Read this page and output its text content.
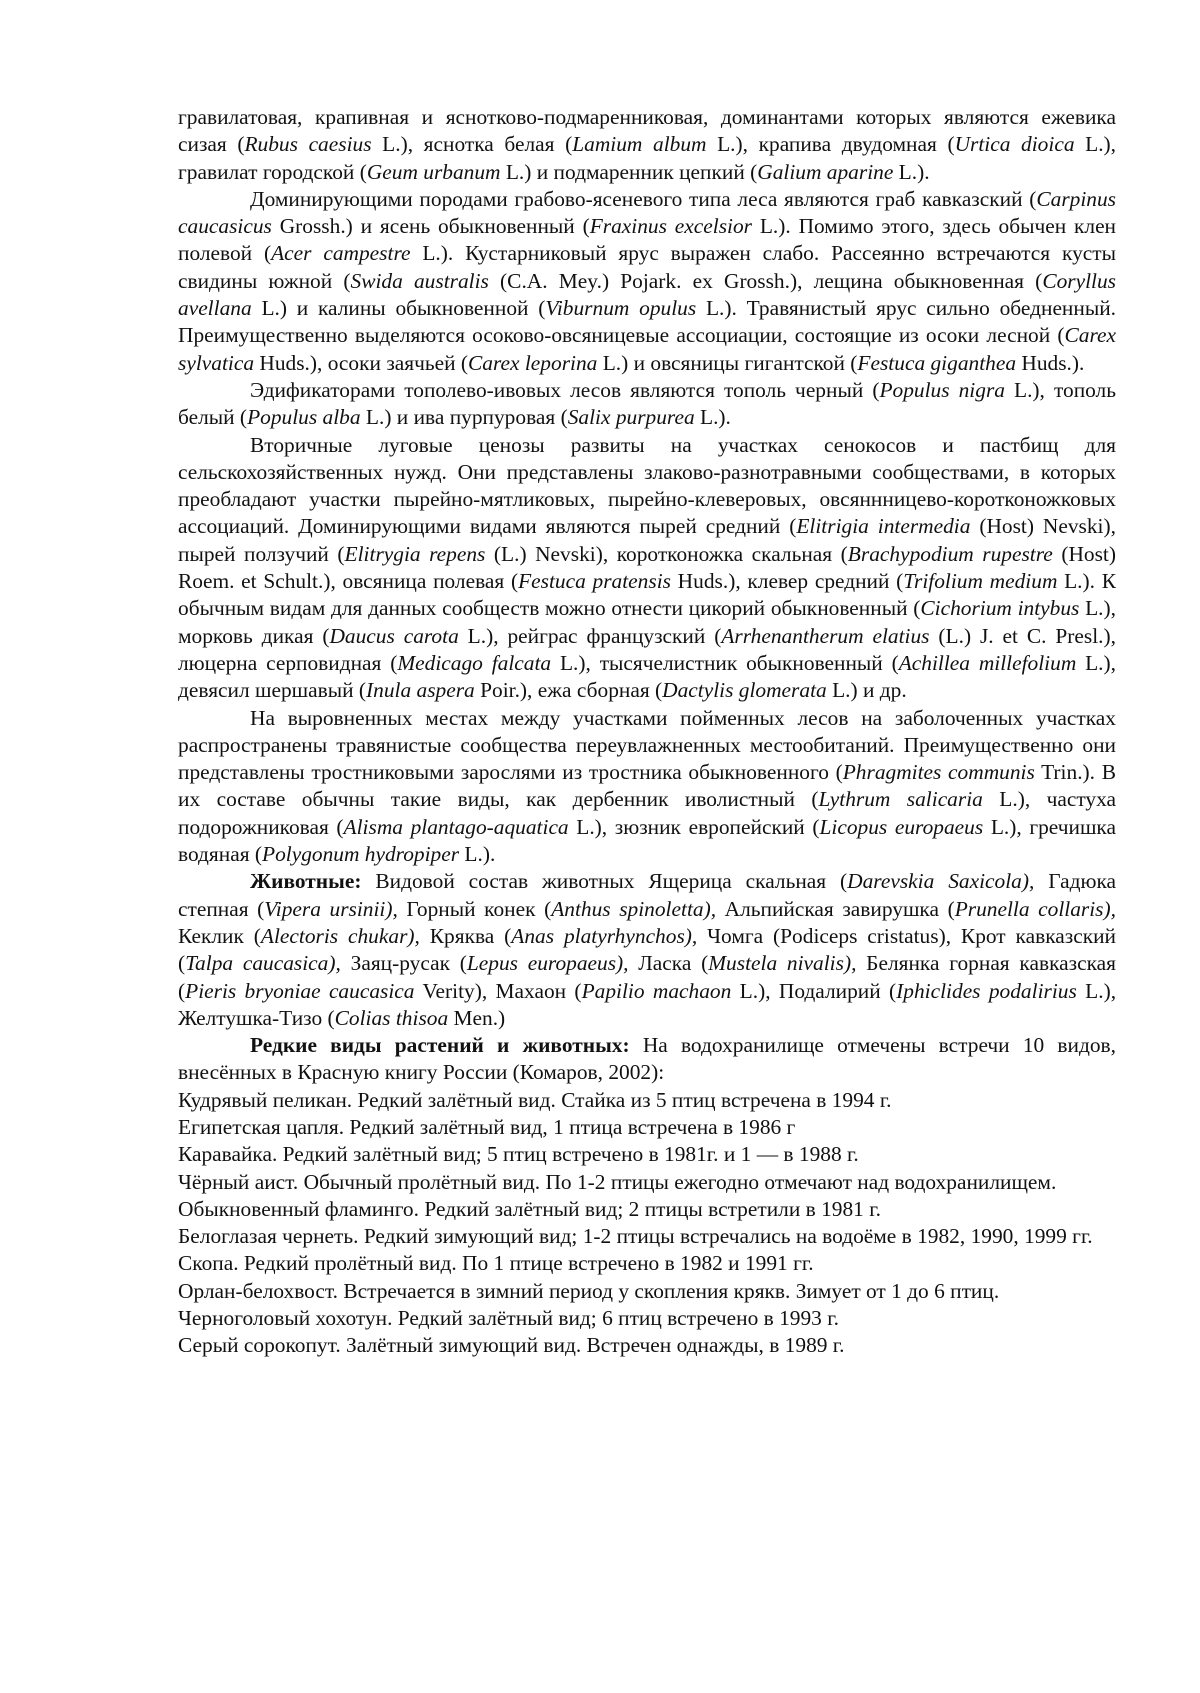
гравилатовая, крапивная и яснотково-подмаренниковая, доминантами которых являются ежевика сизая (Rubus caesius L.), яснотка белая (Lamium album L.), крапива двудомная (Urtica dioica L.), гравилат городской (Geum urbanum L.) и подмаренник цепкий (Galium aparine L.).

Доминирующими породами грабово-ясеневого типа леса являются граб кавказский (Carpinus caucasicus Grossh.) и ясень обыкновенный (Fraxinus excelsior L.). Помимо этого, здесь обычен клен полевой (Acer campestre L.). Кустарниковый ярус выражен слабо. Рассеянно встречаются кусты свидины южной (Swida australis (C.A. Mey.) Pojark. ex Grossh.), лещина обыкновенная (Coryllus avellana L.) и калины обыкновенной (Viburnum opulus L.). Травянистый ярус сильно обедненный. Преимущественно выделяются осоково-овсяницевые ассоциации, состоящие из осоки лесной (Carex sylvatica Huds.), осоки заячьей (Carex leporina L.) и овсяницы гигантской (Festuca giganthea Huds.).

Эдификаторами тополево-ивовых лесов являются тополь черный (Populus nigra L.), тополь белый (Populus alba L.) и ива пурпуровая (Salix purpurea L.).

Вторичные луговые ценозы развиты на участках сенокосов и пастбищ для сельскохозяйственных нужд. Они представлены злаково-разнотравными сообществами, в которых преобладают участки пырейно-мятликовых, пырейно-клеверовых, овсяннницево-коротконожковых ассоциаций. Доминирующими видами являются пырей средний (Elitrigia intermedia (Host) Nevski), пырей ползучий (Elitrygia repens (L.) Nevski), коротконожка скальная (Brachypodium rupestre (Host) Roem. et Schult.), овсяница полевая (Festuca pratensis Huds.), клевер средний (Trifolium medium L.). К обычным видам для данных сообществ можно отнести цикорий обыкновенный (Cichorium intybus L.), морковь дикая (Daucus carota L.), рейграс французский (Arrhenantherum elatius (L.) J. et C. Presl.), люцерна серповидная (Medicago falcata L.), тысячелистник обыкновенный (Achillea millefolium L.), девясил шершавый (Inula aspera Poir.), ежа сборная (Dactylis glomerata L.) и др.

На выровненных местах между участками пойменных лесов на заболоченных участках распространены травянистые сообщества переувлажненных местообитаний. Преимущественно они представлены тростниковыми зарослями из тростника обыкновенного (Phragmites communis Trin.). В их составе обычны такие виды, как дербенник иволистный (Lythrum salicaria L.), частуха подорожниковая (Alisma plantago-aquatica L.), зюзник европейский (Licopus europaeus L.), гречишка водяная (Polygonum hydropiper L.).

Животные: Видовой состав животных Ящерица скальная (Darevskia Saxicola), Гадюка степная (Vipera ursinii), Горный конек (Anthus spinoletta), Альпийская завирушка (Prunella collaris), Кеклик (Alectoris chukar), Кряква (Anas platyrhynchos), Чомга (Podiceps cristatus), Крот кавказский (Talpa caucasica), Заяц-русак (Lepus europaeus), Ласка (Mustela nivalis), Белянка горная кавказская (Pieris bryoniae caucasica Verity), Махаон (Papilio machaon L.), Подалирий (Iphiclides podalirius L.), Желтушка-Тизо (Colias thisoa Men.)

Редкие виды растений и животных: На водохранилище отмечены встречи 10 видов, внесённых в Красную книгу России (Комаров, 2002):

Кудрявый пеликан. Редкий залётный вид. Стайка из 5 птиц встречена в 1994 г.

Египетская цапля. Редкий залётный вид, 1 птица встречена в 1986 г

Каравайка. Редкий залётный вид; 5 птиц встречено в 1981г. и 1 — в 1988 г.

Чёрный аист. Обычный пролётный вид. По 1-2 птицы ежегодно отмечают над водохранилищем.

Обыкновенный фламинго. Редкий залётный вид; 2 птицы встретили в 1981 г.

Белоглазая чернеть. Редкий зимующий вид; 1-2 птицы встречались на водоёме в 1982, 1990, 1999 гг.

Скопа. Редкий пролётный вид. По 1 птице встречено в 1982 и 1991 гг.

Орлан-белохвост. Встречается в зимний период у скопления крякв. Зимует от 1 до 6 птиц.

Черноголовый хохотун. Редкий залётный вид; 6 птиц встречено в 1993 г.

Серый сорокопут. Залётный зимующий вид. Встречен однажды, в 1989 г.
